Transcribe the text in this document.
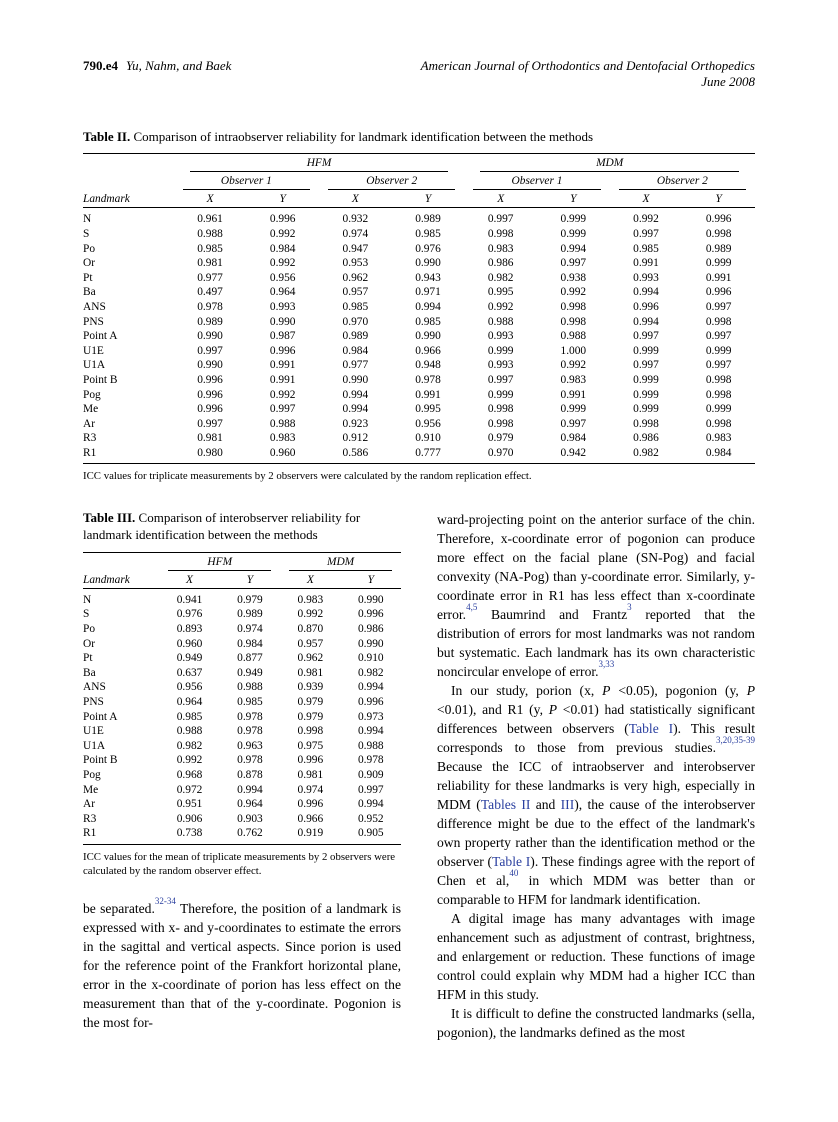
790.e4 Yu, Nahm, and Baek	American Journal of Orthodontics and Dentofacial Orthopedics
June 2008

Table II. Comparison of intraobserver reliability for landmark identification between the methods

	HFM				MDM			

	Observer 1		Observer 2		Observer 1		Observer 2	

Landmark	X	Y	X	Y	X	Y	X	Y
N	0.961	0.996	0.932	0.989	0.997	0.999	0.992	0.996
S	0.988	0.992	0.974	0.985	0.998	0.999	0.997	0.998
Po	0.985	0.984	0.947	0.976	0.983	0.994	0.985	0.989
Or	0.981	0.992	0.953	0.990	0.986	0.997	0.991	0.999
Pt	0.977	0.956	0.962	0.943	0.982	0.938	0.993	0.991
Ba	0.497	0.964	0.957	0.971	0.995	0.992	0.994	0.996
ANS	0.978	0.993	0.985	0.994	0.992	0.998	0.996	0.997
PNS	0.989	0.990	0.970	0.985	0.988	0.998	0.994	0.998
Point A	0.990	0.987	0.989	0.990	0.993	0.988	0.997	0.997
U1E	0.997	0.996	0.984	0.966	0.999	1.000	0.999	0.999
U1A	0.990	0.991	0.977	0.948	0.993	0.992	0.997	0.997
Point B	0.996	0.991	0.990	0.978	0.997	0.983	0.999	0.998
Pog	0.996	0.992	0.994	0.991	0.999	0.991	0.999	0.998
Me	0.996	0.997	0.994	0.995	0.998	0.999	0.999	0.999
Ar	0.997	0.988	0.923	0.956	0.998	0.997	0.998	0.998
R3	0.981	0.983	0.912	0.910	0.979	0.984	0.986	0.983
R1	0.980	0.960	0.586	0.777	0.970	0.942	0.982	0.984

ICC values for triplicate measurements by 2 observers were calculated by the random replication effect.

Table III. Comparison of interobserver reliability for landmark identification between the methods

	HFM		MDM	

Landmark	X	Y	X	Y
N	0.941	0.979	0.983	0.990
S	0.976	0.989	0.992	0.996
Po	0.893	0.974	0.870	0.986
Or	0.960	0.984	0.957	0.990
Pt	0.949	0.877	0.962	0.910
Ba	0.637	0.949	0.981	0.982
ANS	0.956	0.988	0.939	0.994
PNS	0.964	0.985	0.979	0.996
Point A	0.985	0.978	0.979	0.973
U1E	0.988	0.978	0.998	0.994
U1A	0.982	0.963	0.975	0.988
Point B	0.992	0.978	0.996	0.978
Pog	0.968	0.878	0.981	0.909
Me	0.972	0.994	0.974	0.997
Ar	0.951	0.964	0.996	0.994
R3	0.906	0.903	0.966	0.952
R1	0.738	0.762	0.919	0.905

ICC values for the mean of triplicate measurements by 2 observers were calculated by the random observer effect.

be separated.$^{32-34}$ Therefore, the position of a landmark is expressed with x- and y-coordinates to estimate the errors in the sagittal and vertical aspects. Since porion is used for the reference point of the Frankfort horizontal plane, error in the x-coordinate of porion has less effect on the measurement than that of the y-coordinate. Pogonion is the most for-

ward-projecting point on the anterior surface of the chin. Therefore, x-coordinate error of pogonion can produce more effect on the facial plane (SN-Pog) and facial convexity (NA-Pog) than y-coordinate error. Similarly, y-coordinate error in R1 has less effect than x-coordinate error.$^{4,5}$ Baumrind and Frantz$^3$ reported that the distribution of errors for most landmarks was not random but systematic. Each landmark has its own characteristic noncircular envelope of error.$^{3,33}$

In our study, porion (x, P <0.05), pogonion (y, P <0.01), and R1 (y, P <0.01) had statistically significant differences between observers (Table I). This result corresponds to those from previous studies.$^{3,20,35-39}$ Because the ICC of intraobserver and interobserver reliability for these landmarks is very high, especially in MDM (Tables II and III), the cause of the interobserver difference might be due to the effect of the landmark's own property rather than the identification method or the observer (Table I). These findings agree with the report of Chen et al,$^{40}$ in which MDM was better than or comparable to HFM for landmark identification.

A digital image has many advantages with image enhancement such as adjustment of contrast, brightness, and enlargement or reduction. These functions of image control could explain why MDM had a higher ICC than HFM in this study.

It is difficult to define the constructed landmarks (sella, pogonion), the landmarks defined as the most
